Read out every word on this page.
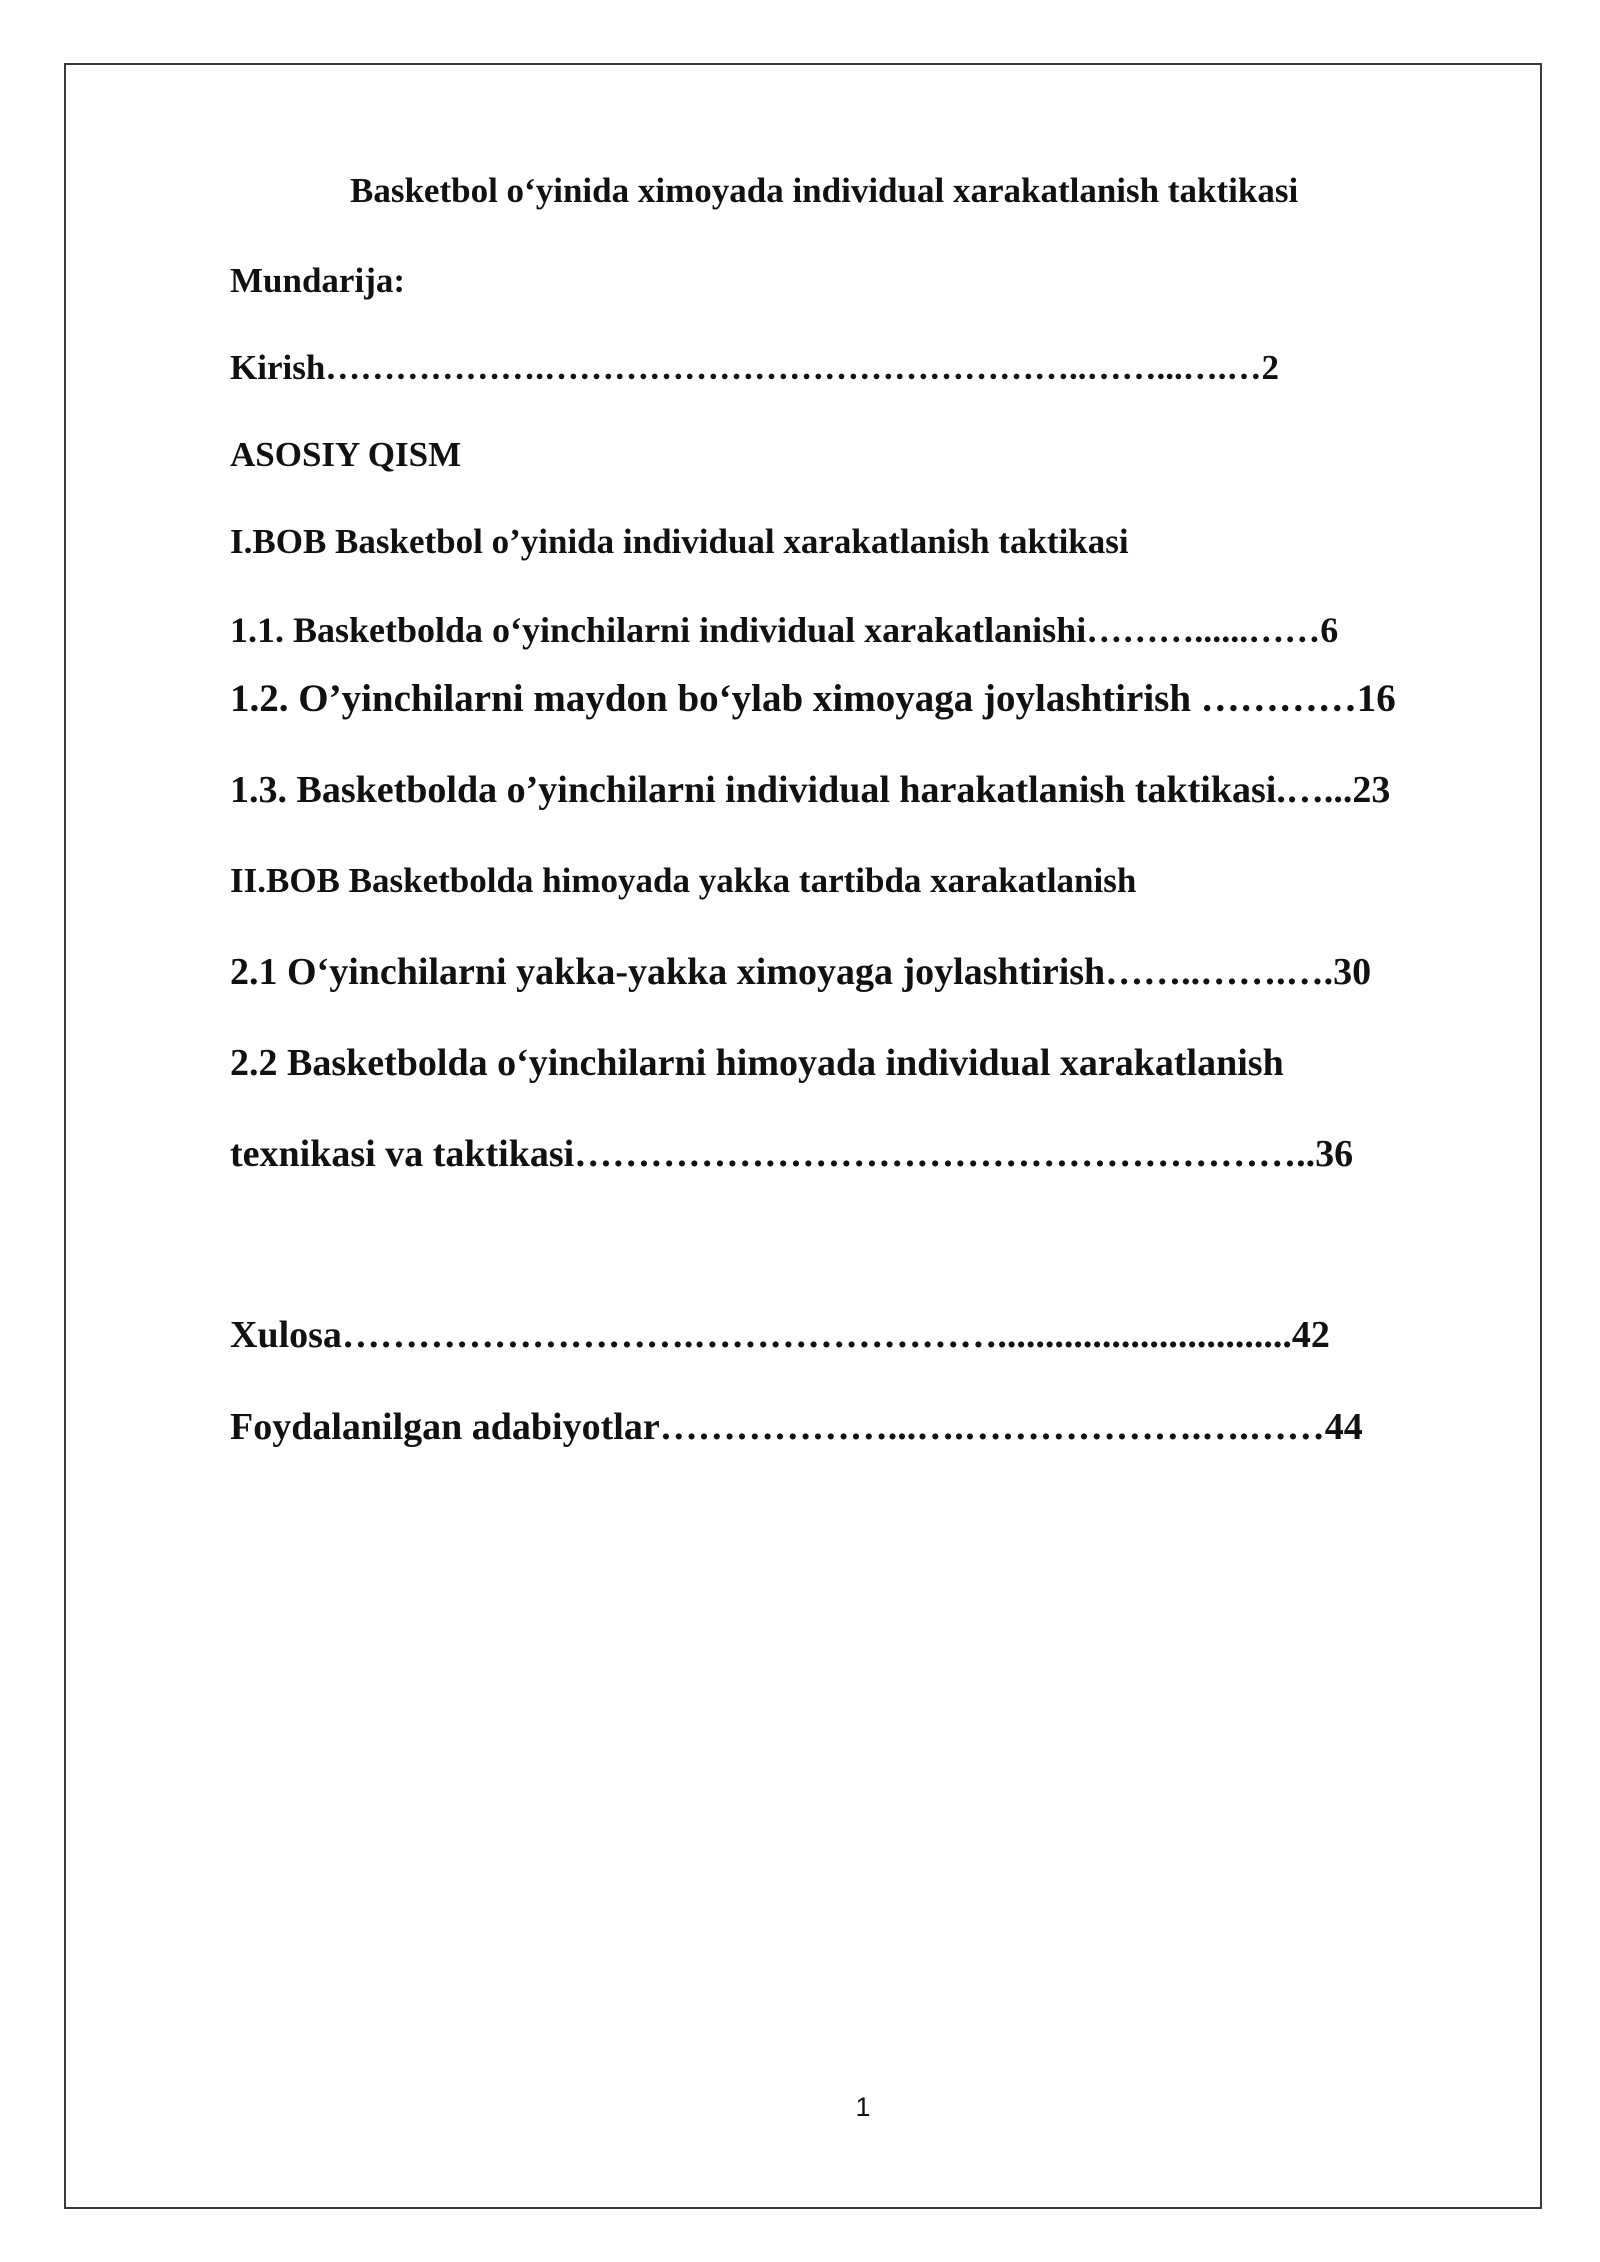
Basketbol o‘yinida ximoyada individual xarakatlanish taktikasi
Mundarija:
Kirish……………….………………………………………..……...….…2
ASOSIY QISM
I.BOB Basketbol o’yinida individual xarakatlanish taktikasi
1.1. Basketbolda o‘yinchilarni individual xarakatlanishi………......……6
1.2. O’yinchilarni maydon bo‘ylab ximoyaga joylashtirish …………16
1.3. Basketbolda o’yinchilarni individual harakatlanish taktikasi.…...23
II.BOB Basketbolda himoyada yakka tartibda xarakatlanish
2.1 O‘yinchilarni yakka-yakka ximoyaga joylashtirish……..…….….30
2.2 Basketbolda o‘yinchilarni himoyada individual xarakatlanish
texnikasi va taktikasi…………………………………………………..36
Xulosa……………………….……………………...............................42
Foydalanilgan adabiyotlar………………...….……………….….……44
1
